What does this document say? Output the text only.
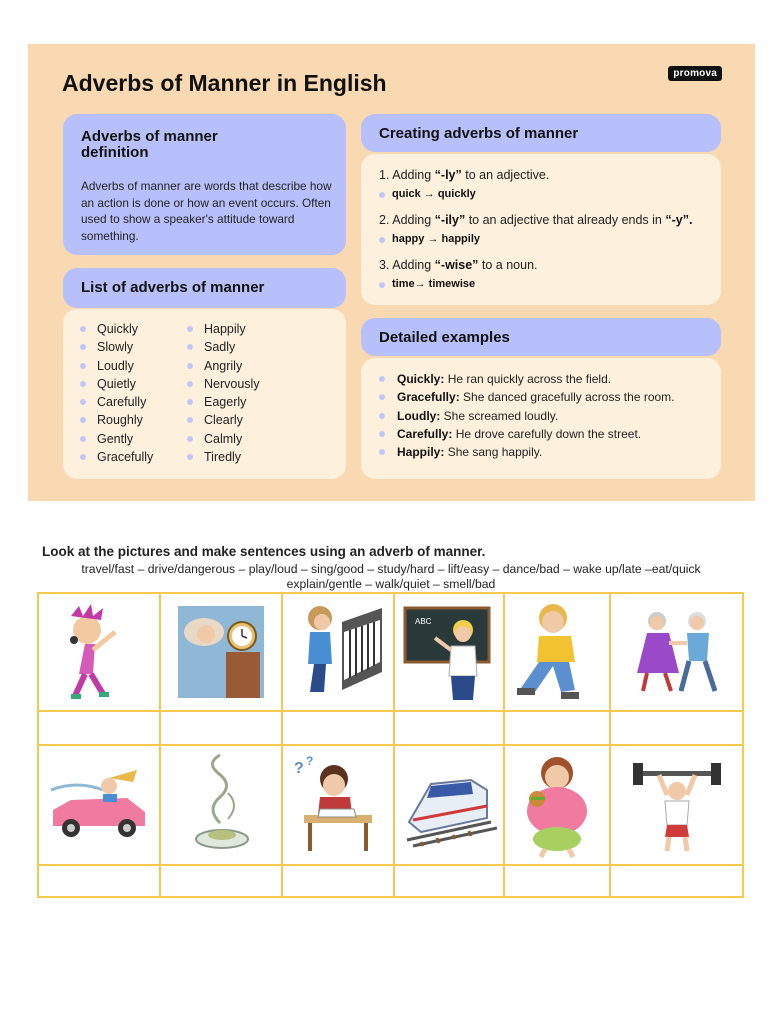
Adverbs of Manner in English	promova
Adverbs of manner definition

Adverbs of manner are words that describe how an action is done or how an event occurs. Often used to show a speaker's attitude toward something.

List of adverbs of manner
Quickly
Slowly
Loudly
Quietly
Carefully
Roughly
Gently
Gracefully
Happily
Sadly
Angrily
Nervously
Eagerly
Clearly
Calmly
Tiredly
Creating adverbs of manner
1. Adding “-ly” to an adjective.
quick → quickly
2. Adding “-ily” to an adjective that already ends in “-y”.
happy → happily
3. Adding “-wise” to a noun.
time→ timewise
Detailed examples
Quickly: He ran quickly across the field.
Gracefully: She danced gracefully across the room.
Loudly: She screamed loudly.
Carefully: He drove carefully down the street.
Happily: She sang happily.
Look at the pictures and make sentences using an adverb of manner.
travel/fast – drive/dangerous – play/loud – sing/good – study/hard – lift/easy – dance/bad – wake up/late –eat/quick
explain/gentle – walk/quiet – smell/bad
ABC
? ?
